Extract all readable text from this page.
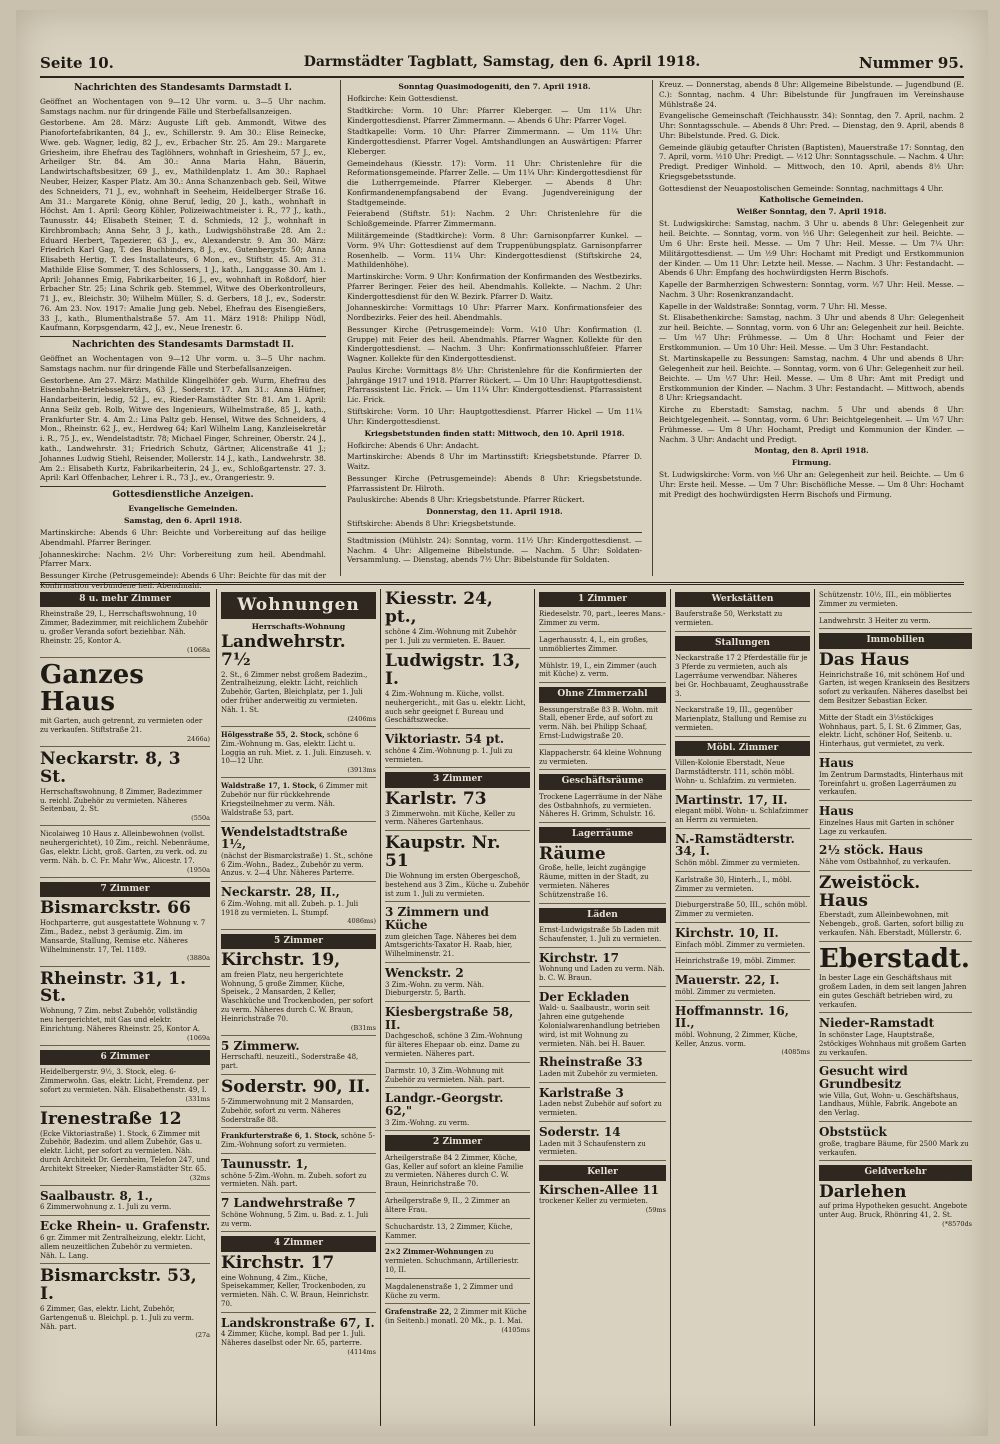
Seite 10.	Darmstädter Tagblatt, Samstag, den 6. April 1918.	Nummer 95.
Nachrichten des Standesamts Darmstadt I.

Geöffnet an Wochentagen von 9—12 Uhr vorm. u. 3—5 Uhr nachm. Samstags nachm. nur für dringende Fälle und Sterbefallsanzeigen.

Gestorbene. Am 28. März: Auguste Lift geb. Ammondt, Witwe des Pianofortefabrikanten, 84 J., ev., Schillerstr. 9. Am 30.: Elise Reinecke, Wwe. geb. Wagner, ledig, 82 J., ev., Erbacher Str. 25. Am 29.: Margarete Griesheim, ihre Ehefrau des Taglöhners, wohnhaft in Griesheim, 57 J., ev., Arheilger Str. 84. Am 30.: Anna Maria Hahn, Bäuerin, Landwirtschaftsbesitzer, 69 J., ev., Mathildenplatz 1. Am 30.: Raphael Neuber, Heizer, Kasper Platz. Am 30.: Anna Schanzenbach geb. Seil, Witwe des Schneiders, 71 J., ev., wohnhaft in Seeheim, Heidelberger Straße 16. Am 31.: Margarete König, ohne Beruf, ledig, 20 J., kath., wohnhaft in Höchst. Am 1. April: Georg Köhler, Polizeiwachtmeister i. R., 77 J., kath., Taunusstr. 44; Elisabeth Steiner, T. d. Schmieds, 12 J., wohnhaft in Kirchbrombach; Anna Sehr, 3 J., kath., Ludwigshöhstraße 28. Am 2.: Eduard Herbert, Tapezierer, 63 J., ev., Alexanderstr. 9. Am 30. März: Friedrich Karl Gag, T. des Buchbinders, 8 J., ev., Gutenbergstr. 50; Anna Elisabeth Hertig, T. des Installateurs, 6 Mon., ev., Stiftstr. 45. Am 31.: Mathilde Elise Sommer, T. des Schlossers, 1 J., kath., Langgasse 30. Am 1. April: Johannes Emig, Fabrikarbeiter, 16 J., ev., wohnhaft in Roßdorf, hier Erbacher Str. 25; Lina Schrik geb. Stemmel, Witwe des Oberkontrolleurs, 71 J., ev., Bleichstr. 30; Wilhelm Müller, S. d. Gerbers, 18 J., ev., Soderstr. 76. Am 23. Nov. 1917: Amalie Jung geb. Nebel, Ehefrau des Eisengießers, 33 J., kath., Blumenthalstraße 57. Am 11. März 1918: Philipp Nüdl, Kaufmann, Korpsgendarm, 42 J., ev., Neue Irenestr. 6.

Nachrichten des Standesamts Darmstadt II.

Geöffnet an Wochentagen von 9—12 Uhr vorm. u. 3—5 Uhr nachm. Samstags nachm. nur für dringende Fälle und Sterbefallsanzeigen.

Gestorbene. Am 27. März: Mathilde Klingelhöfer geb. Wurm, Ehefrau des Eisenbahn-Betriebssekretärs, 63 J., Soderstr. 17. Am 31.: Anna Hüfner, Handarbeiterin, ledig, 52 J., ev., Rieder-Ramstädter Str. 81. Am 1. April: Anna Seilz geb. Rolb, Witwe des Ingenieurs, Wilhelmstraße, 85 J., kath., Frankfurter Str. 4. Am 2.: Lina Paltz geb. Hensel, Witwe des Schneiders, 4 Mon., Rheinstr. 62 J., ev., Herdweg 64; Karl Wilhelm Lang, Kanzleisekretär i. R., 75 J., ev., Wendelstadtstr. 78; Michael Finger, Schreiner, Oberstr. 24 J., kath., Landwehrstr. 31; Friedrich Schutz, Gärtner, Alicenstraße 41 J.; Johannes Ludwig Stiehl, Reisender, Mollerstr. 14 J., kath., Landwehrstr. 38. Am 2.: Elisabeth Kurtz, Fabrikarbeiterin, 24 J., ev., Schloßgartenstr. 27. 3. April: Karl Offenbacher, Lehrer i. R., 73 J., ev., Orangeriestr. 9.

Gottesdienstliche Anzeigen.
Evangelische Gemeinden.
Samstag, den 6. April 1918.

Martinskirche: Abends 6 Uhr: Beichte und Vorbereitung auf das heilige Abendmahl. Pfarrer Beringer.

Johanneskirche: Nachm. 2½ Uhr: Vorbereitung zum heil. Abendmahl. Pfarrer Marx.

Bessunger Kirche (Petrusgemeinde): Abends 6 Uhr: Beichte für das mit der Konfirmation verbundene heil. Abendmahl.

Sonntag Quasimodogeniti, den 7. April 1918.

Hofkirche: Kein Gottesdienst.

Stadtkirche: Vorm. 10 Uhr: Pfarrer Kleberger. — Um 11¼ Uhr: Kindergottesdienst. Pfarrer Zimmermann. — Abends 6 Uhr: Pfarrer Vogel.

Stadtkapelle: Vorm. 10 Uhr: Pfarrer Zimmermann. — Um 11¼ Uhr: Kindergottesdienst. Pfarrer Vogel. Amtshandlungen an Auswärtigen: Pfarrer Kleberger.

Gemeindehaus (Kiesstr. 17): Vorm. 11 Uhr: Christenlehre für die Reformationsgemeinde. Pfarrer Zelle. — Um 11¼ Uhr: Kindergottesdienst für die Lutherrgemeinde. Pfarrer Kleberger. — Abends 8 Uhr: Konfirmandenempfangsabend der Evang. Jugendvereinigung der Stadtgemeinde.

Feierabend (Stiftstr. 51): Nachm. 2 Uhr: Christenlehre für die Schloßgemeinde. Pfarrer Zimmermann.

Militärgemeinde (Stadtkirche): Vorm. 8 Uhr: Garnisonpfarrer Kunkel. — Vorm. 9¾ Uhr: Gottesdienst auf dem Truppenübungsplatz. Garnisonpfarrer Rosenhelb. — Vorm. 11¼ Uhr: Kindergottesdienst (Stiftskirche 24, Mathildenhöhe).

Martinskirche: Vorm. 9 Uhr: Konfirmation der Konfirmanden des Westbezirks. Pfarrer Beringer. Feier des heil. Abendmahls. Kollekte. — Nachm. 2 Uhr: Kindergottesdienst für den W. Bezirk. Pfarrer D. Waitz.

Johanneskirche: Vormittags 10 Uhr: Pfarrer Marx. Konfirmationsfeier des Nordbezirks. Feier des heil. Abendmahls.

Bessunger Kirche (Petrusgemeinde): Vorm. ¼10 Uhr: Konfirmation (I. Gruppe) mit Feier des heil. Abendmahls. Pfarrer Wagner. Kollekte für den Kindergottesdienst. — Nachm. 3 Uhr: Konfirmationsschlußfeier. Pfarrer Wagner. Kollekte für den Kindergottesdienst.

Paulus Kirche: Vormittags 8½ Uhr: Christenlehre für die Konfirmierten der Jahrgänge 1917 und 1918. Pfarrer Rückert. — Um 10 Uhr: Hauptgottesdienst. Pfarrassistent Lic. Frick. — Um 11¼ Uhr: Kindergottesdienst. Pfarrassistent Lic. Frick.

Stiftskirche: Vorm. 10 Uhr: Hauptgottesdienst. Pfarrer Hickel — Um 11¼ Uhr: Kindergottesdienst.

Kriegsbetstunden finden statt: Mittwoch, den 10. April 1918.

Hofkirche: Abends 6 Uhr: Andacht.

Martinskirche: Abends 8 Uhr im Martinsstift: Kriegsbetstunde. Pfarrer D. Waitz.

Bessunger Kirche (Petrusgemeinde): Abends 8 Uhr: Kriegsbetstunde. Pfarrassistent Dr. Hilroth.

Pauluskirche: Abends 8 Uhr: Kriegsbetstunde. Pfarrer Rückert.

Donnerstag, den 11. April 1918.

Stiftskirche: Abends 8 Uhr: Kriegsbetstunde.

Stadtmission (Mühlstr. 24): Sonntag, vorm. 11½ Uhr: Kindergottesdienst. — Nachm. 4 Uhr: Allgemeine Bibelstunde. — Nachm. 5 Uhr: Soldaten-Versammlung. — Dienstag, abends 7½ Uhr: Bibelstunde für Soldaten.

Kreuz. — Donnerstag, abends 8 Uhr: Allgemeine Bibelstunde. — Jugendbund (E. C.): Sonntag, nachm. 4 Uhr: Bibelstunde für Jungfrauen im Vereinshause Mühlstraße 24.

Evangelische Gemeinschaft (Teichhausstr. 34): Sonntag, den 7. April, nachm. 2 Uhr: Sonntagsschule. — Abends 8 Uhr: Pred. — Dienstag, den 9. April, abends 8 Uhr: Bibelstunde. Pred. G. Dick.

Gemeinde gläubig getaufter Christen (Baptisten), Mauerstraße 17: Sonntag, den 7. April, vorm. ½10 Uhr: Predigt. — ½12 Uhr: Sonntagsschule. — Nachm. 4 Uhr: Predigt. Prediger Winhold. — Mittwoch, den 10. April, abends 8½ Uhr: Kriegsgebetsstunde.

Gottesdienst der Neuapostolischen Gemeinde: Sonntag, nachmittags 4 Uhr.

Katholische Gemeinden.
Weißer Sonntag, den 7. April 1918.

St. Ludwigskirche: Samstag, nachm. 3 Uhr u. abends 8 Uhr: Gelegenheit zur heil. Beichte. — Sonntag, vorm. von ½6 Uhr: Gelegenheit zur heil. Beichte. — Um 6 Uhr: Erste heil. Messe. — Um 7 Uhr: Heil. Messe. — Um 7¼ Uhr: Militärgottesdienst. — Um ½9 Uhr: Hochamt mit Predigt und Erstkommunion der Kinder. — Um 11 Uhr: Letzte heil. Messe. — Nachm. 3 Uhr: Festandacht. — Abends 6 Uhr: Empfang des hochwürdigsten Herrn Bischofs.

Kapelle der Barmherzigen Schwestern: Sonntag, vorm. ½7 Uhr: Heil. Messe. — Nachm. 3 Uhr: Rosenkranzandacht.

Kapelle in der Waldstraße: Sonntag, vorm. 7 Uhr: Hl. Messe.

St. Elisabethenkirche: Samstag, nachm. 3 Uhr und abends 8 Uhr: Gelegenheit zur heil. Beichte. — Sonntag, vorm. von 6 Uhr an: Gelegenheit zur heil. Beichte. — Um ½7 Uhr: Frühmesse. — Um 8 Uhr: Hochamt und Feier der Erstkommunion. — Um 10 Uhr: Heil. Messe. — Um 3 Uhr: Festandacht.

St. Martinskapelle zu Bessungen: Samstag, nachm. 4 Uhr und abends 8 Uhr: Gelegenheit zur heil. Beichte. — Sonntag, vorm. von 6 Uhr: Gelegenheit zur heil. Beichte. — Um ½7 Uhr: Heil. Messe. — Um 8 Uhr: Amt mit Predigt und Erstkommunion der Kinder. — Nachm. 3 Uhr: Festandacht. — Mittwoch, abends 8 Uhr: Kriegsandacht.

Kirche zu Eberstadt: Samstag, nachm. 5 Uhr und abends 8 Uhr: Beichtgelegenheit. — Sonntag, vorm. 6 Uhr: Beichtgelegenheit. — Um ½7 Uhr: Frühmesse. — Um 8 Uhr: Hochamt, Predigt und Kommunion der Kinder. — Nachm. 3 Uhr: Andacht und Predigt.

Montag, den 8. April 1918.
Firmung.

St. Ludwigskirche: Vorm. von ½6 Uhr an: Gelegenheit zur heil. Beichte. — Um 6 Uhr: Erste heil. Messe. — Um 7 Uhr: Bischöfliche Messe. — Um 8 Uhr: Hochamt mit Predigt des hochwürdigsten Herrn Bischofs und Firmung.

8 u. mehr Zimmer
Rheinstraße 29, I., Herrschaftswohnung, 10 Zimmer, Badezimmer, mit reichlichem Zubehör u. großer Veranda sofort beziehbar. Näh. Rheinstr. 25, Kontor A.
(1068a
Ganzes Haus
mit Garten, auch getrennt, zu vermieten oder zu verkaufen. Stiftstraße 21.
2466a)
Neckarstr. 8, 3 St.
Herrschaftswohnung, 8 Zimmer, Badezimmer u. reichl. Zubehör zu vermieten. Näheres Seitenbau, 2. St.
(550a
Nicolaiweg 10 Haus z. Alleinbewohnen (vollst. neuhergerichtet), 10 Zim., reichl. Nebenräume, Gas, elektr. Licht, groß. Garten, zu verk. od. zu verm. Näh. b. C. Fr. Mahr Ww., Alicestr. 17.
(1950a
7 Zimmer
Bismarckstr. 66
Hochparterre, gut ausgestattete Wohnung v. 7 Zim., Badez., nebst 3 geräumig. Zim. im Mansarde, Stallung, Remise etc. Näheres Wilhelminenstr. 17, Tel. 1189.
(3880a
Rheinstr. 31, 1. St.
Wohnung, 7 Zim. nebst Zubehör, vollständig neu hergerichtet, mit Gas und elektr. Einrichtung. Näheres Rheinstr. 25, Kontor A.
(1069a
6 Zimmer
Heidelbergerstr. 9½, 3. Stock, eleg. 6-Zimmerwohn. Gas, elektr. Licht, Fremdenz. per sofort zu vermieten. Näh. Elisabethenstr. 49, I.
(331ms
Irenestraße 12
(Ecke Viktoriastraße) 1. Stock, 6 Zimmer mit Zubehör, Badezim. und allem Zubehör, Gas u. elektr. Licht, per sofort zu vermieten. Näh. durch Architekt Dr. Gernheim, Telefon 247, und Architekt Streeker, Nieder-Ramstädter Str. 65.
(32ms
Saalbaustr. 8, 1.,
6 Zimmerwohnung z. 1. Juli zu verm.
Ecke Rhein- u. Grafenstr.
6 gr. Zimmer mit Zentralheizung, elektr. Licht, allem neuzeitlichen Zubehör zu vermieten. Näh. L. Lang.
Bismarckstr. 53, I.
6 Zimmer, Gas, elektr. Licht, Zubehör, Gartengenuß u. Bleichpl. p. 1. Juli zu verm. Näh. part.
(27a
Wohnungen
Herrschafts-Wohnung
Landwehrstr. 7½
2. St., 6 Zimmer nebst großem Badezim., Zentralheizung, elektr. Licht, reichlich Zubehör, Garten, Bleichplatz, per 1. Juli oder früher anderweitig zu vermieten. Näh. 1. St.
(2406ms
Hölgesstraße 55, 2. Stock, schöne 6 Zim.-Wohnung m. Gas, elektr. Licht u. Loggia an ruh. Miet. z. 1. Juli. Einzuseh. v. 10—12 Uhr.
(3913ms
Waldstraße 17, 1. Stock, 6 Zimmer mit Zubehör nur für rückkehrende Kriegsteilnehmer zu verm. Näh. Waldstraße 53, part.
Wendelstadtstraße 1½,
(nächst der Bismarckstraße) 1. St., schöne 6 Zim.-Wohn., Badez., Zubehör zu verm. Anzus. v. 2—4 Uhr. Näheres Parterre.
Neckarstr. 28, II.,
6 Zim.-Wohng. mit all. Zubeh. p. 1. Juli 1918 zu vermieten. L. Stumpf.
4086ms)
5 Zimmer
Kirchstr. 19,
am freien Platz, neu hergerichtete Wohnung, 5 große Zimmer, Küche, Speisek., 2 Mansarden, 2 Keller, Waschküche und Trockenboden, per sofort zu verm. Näheres durch C. W. Braun, Heinrichstraße 70.
(B31ms
5 Zimmerw.
Herrschaftl. neuzeitl., Soderstraße 48, part.
Soderstr. 90, II.
5-Zimmerwohnung mit 2 Mansarden, Zubehör, sofort zu verm. Näheres Soderstraße 88.
Frankfurterstraße 6, 1. Stock, schöne 5-Zim.-Wohnung sofort zu vermieten.
Taunusstr. 1,
schöne 5-Zim.-Wohn. m. Zubeh. sofort zu vermieten. Näh. part.
7 Landwehrstraße 7
Schöne Wohnung, 5 Zim. u. Bad. z. 1. Juli zu verm.
4 Zimmer
Kirchstr. 17
eine Wohnung, 4 Zim., Küche, Speisekammer, Keller, Trockenboden, zu vermieten. Näh. C. W. Braun, Heinrichstr. 70.
Landskronstraße 67, I.
4 Zimmer, Küche, kompl. Bad per 1. Juli. Näheres daselbst oder Nr. 65, parterre.
(4114ms
Kiesstr. 24, pt.,
schöne 4 Zim.-Wohnung mit Zubehör per 1. Juli zu vermieten. E. Bauer.
Ludwigstr. 13, I.
4 Zim.-Wohnung m. Küche, vollst. neuhergericht., mit Gas u. elektr. Licht, auch sehr geeignet f. Bureau und Geschäftszwecke.
Viktoriastr. 54 pt.
schöne 4 Zim.-Wohnung p. 1. Juli zu vermieten.
3 Zimmer
Karlstr. 73
3 Zimmerwohn. mit Küche, Keller zu verm. Näheres Gartenhaus.
Kaupstr. Nr. 51
Die Wohnung im ersten Obergeschoß, bestehend aus 3 Zim., Küche u. Zubehör ist zum 1. Juli zu vermieten.
3 Zimmern und Küche
zum gleichen Tage. Näheres bei dem Amtsgerichts-Taxator H. Raab, hier, Wilhelminenstr. 21.
Wenckstr. 2
3 Zim.-Wohn. zu verm. Näh. Dieburgerstr. 5, Barth.
Kiesbergstraße 58, II.
Dachgeschoß, schöne 3 Zim.-Wohnung für älteres Ehepaar ob. einz. Dame zu vermieten. Näheres part.
Darmstr. 10, 3 Zim.-Wohnung mit Zubehör zu vermieten. Näh. part.
Landgr.-Georgstr. 62,"
3 Zim.-Wohng. zu verm.
2 Zimmer
Arheilgerstraße 84 2 Zimmer, Küche, Gas, Keller auf sofort an kleine Familie zu vermieten. Näheres durch C. W. Braun, Heinrichstraße 70.
Arheilgerstraße 9, II., 2 Zimmer an ältere Frau.
Schuchardstr. 13, 2 Zimmer, Küche, Kammer.
2×2 Zimmer-Wohnungen zu vermieten. Schuchmann, Artilleriestr. 10, II.
Magdalenenstraße 1, 2 Zimmer und Küche zu verm.
Grafenstraße 22, 2 Zimmer mit Küche (in Seitenb.) monatl. 20 Mk., p. 1. Mai.
(4105ms
1 Zimmer
Riedeselstr. 70, part., leeres Mans.-Zimmer zu verm.
Lagerhausstr. 4, I., ein großes, unmöbliertes Zimmer.
Mühlstr. 19, I., ein Zimmer (auch mit Küche) z. verm.
Ohne Zimmerzahl
Bessungerstraße 83 B. Wohn. mit Stall, ebener Erde, auf sofort zu verm. Näh. bei Philipp Schaaf, Ernst-Ludwigstraße 20.
Klappacherstr. 64 kleine Wohnung zu vermieten.
Geschäftsräume
Trockene Lagerräume in der Nähe des Ostbahnhofs, zu vermieten. Näheres H. Grimm, Schulstr. 16.
Lagerräume
Räume
Große, helle, leicht zugängige Räume, mitten in der Stadt, zu vermieten. Näheres Schützenstraße 16.
Läden
Ernst-Ludwigstraße 5b Laden mit Schaufenster, 1. Juli zu vermieten.
Kirchstr. 17
Wohnung und Laden zu verm. Näh. b. C. W. Braun.
Der Eckladen
Wald- u. Saalbaustr., worin seit Jahren eine gutgehende Kolonialwarenhandlung betrieben wird, ist mit Wohnung zu vermieten. Näh. bei H. Bauer.
Rheinstraße 33
Laden mit Zubehör zu vermieten.
Karlstraße 3
Laden nebst Zubehör auf sofort zu vermieten.
Soderstr. 14
Laden mit 3 Schaufenstern zu vermieten.
Keller
Kirschen-Allee 11
trockener Keller zu vermieten.
(59ms
Werkstätten
Bauferstraße 50, Werkstatt zu vermieten.
Stallungen
Neckarstraße 17 2 Pferdeställe für je 3 Pferde zu vermieten, auch als Lagerräume verwendbar. Näheres bei Gr. Hochbauamt, Zeughausstraße 3.
Neckarstraße 19, III., gegenüber Marienplatz, Stallung und Remise zu vermieten.
Möbl. Zimmer
Villen-Kolonie Eberstadt, Neue Darmstädterstr. 111, schön möbl. Wohn- u. Schlafzim. zu vermieten.
Martinstr. 17, II.
elegant möbl. Wohn- u. Schlafzimmer an Herrn zu vermieten.
N.-Ramstädterstr. 34, I.
Schön möbl. Zimmer zu vermieten.
Karlstraße 30, Hinterh., I., möbl. Zimmer zu vermieten.
Dieburgerstraße 50, III., schön möbl. Zimmer zu vermieten.
Kirchstr. 10, II.
Einfach möbl. Zimmer zu vermieten.
Heinrichstraße 19, möbl. Zimmer.
Mauerstr. 22, I.
möbl. Zimmer zu vermieten.
Hoffmannstr. 16, II.,
möbl. Wohnung, 2 Zimmer, Küche, Keller, Anzus. vorm.
(4085ms
Schützenstr. 10½, III., ein möbliertes Zimmer zu vermieten.
Landwehrstr. 3 Heiter zu verm.
Immobilien
Das Haus
Heinrichstraße 16, mit schönem Hof und Garten, ist wegen Kranksein des Besitzers sofort zu verkaufen. Näheres daselbst bei dem Besitzer Sebastian Ecker.
Mitte der Stadt ein 3½stöckiges Wohnhaus, part. 5, I. St. 6 Zimmer, Gas, elektr. Licht, schöner Hof, Seitenb. u. Hinterhaus, gut vermietet, zu verk.
Haus
Im Zentrum Darmstadts, Hinterhaus mit Toreinfahrt u. großen Lagerräumen zu verkaufen.
Haus
Einzelnes Haus mit Garten in schöner Lage zu verkaufen.
2½ stöck. Haus
Nähe vom Ostbahnhof, zu verkaufen.
Zweistöck. Haus
Eberstadt, zum Alleinbewohnen, mit Nebengeb., groß. Garten, sofort billig zu verkaufen. Näh. Eberstadt, Müllerstr. 6.
Eberstadt.
In bester Lage ein Geschäftshaus mit großem Laden, in dem seit langen Jahren ein gutes Geschäft betrieben wird, zu verkaufen.
Nieder-Ramstadt
In schönster Lage, Hauptstraße, 2stöckiges Wohnhaus mit großem Garten zu verkaufen.
Gesucht wird Grundbesitz
wie Villa, Gut, Wohn- u. Geschäftshaus, Landhaus, Mühle, Fabrik. Angebote an den Verlag.
Obststück
große, tragbare Bäume, für 2500 Mark zu verkaufen.
Geldverkehr
Darlehen
auf prima Hypotheken gesucht. Angebote unter Aug. Bruck, Rhönring 41, 2. St.
(*8570ds
